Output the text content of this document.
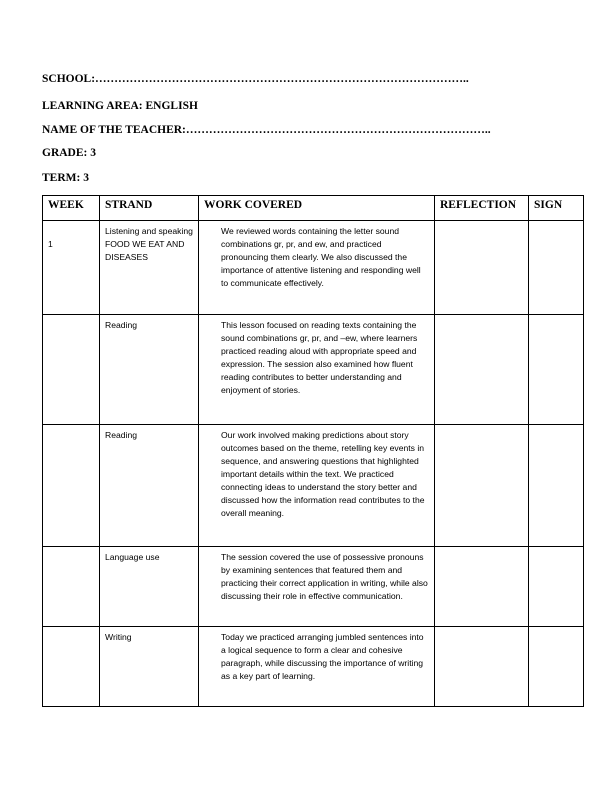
SCHOOL:……………………………………………………………………………………..
LEARNING AREA: ENGLISH
NAME OF THE TEACHER:……………………………………………………………………..
GRADE: 3
TERM: 3
WEEK	STRAND	WORK COVERED	REFLECTION	SIGN
1	Listening and speaking FOOD WE EAT AND DISEASES	We reviewed words containing the letter sound combinations gr, pr, and ew, and practiced pronouncing them clearly. We also discussed the importance of attentive listening and responding well to communicate effectively.		
	Reading	This lesson focused on reading texts containing the sound combinations gr, pr, and –ew, where learners practiced reading aloud with appropriate speed and expression. The session also examined how fluent reading contributes to better understanding and enjoyment of stories.		
	Reading	Our work involved making predictions about story outcomes based on the theme, retelling key events in sequence, and answering questions that highlighted important details within the text. We practiced connecting ideas to understand the story better and discussed how the information read contributes to the overall meaning.		
	Language use	The session covered the use of possessive pronouns by examining sentences that featured them and practicing their correct application in writing, while also discussing their role in effective communication.		
	Writing	Today we practiced arranging jumbled sentences into a logical sequence to form a clear and cohesive paragraph, while discussing the importance of writing as a key part of learning.		
